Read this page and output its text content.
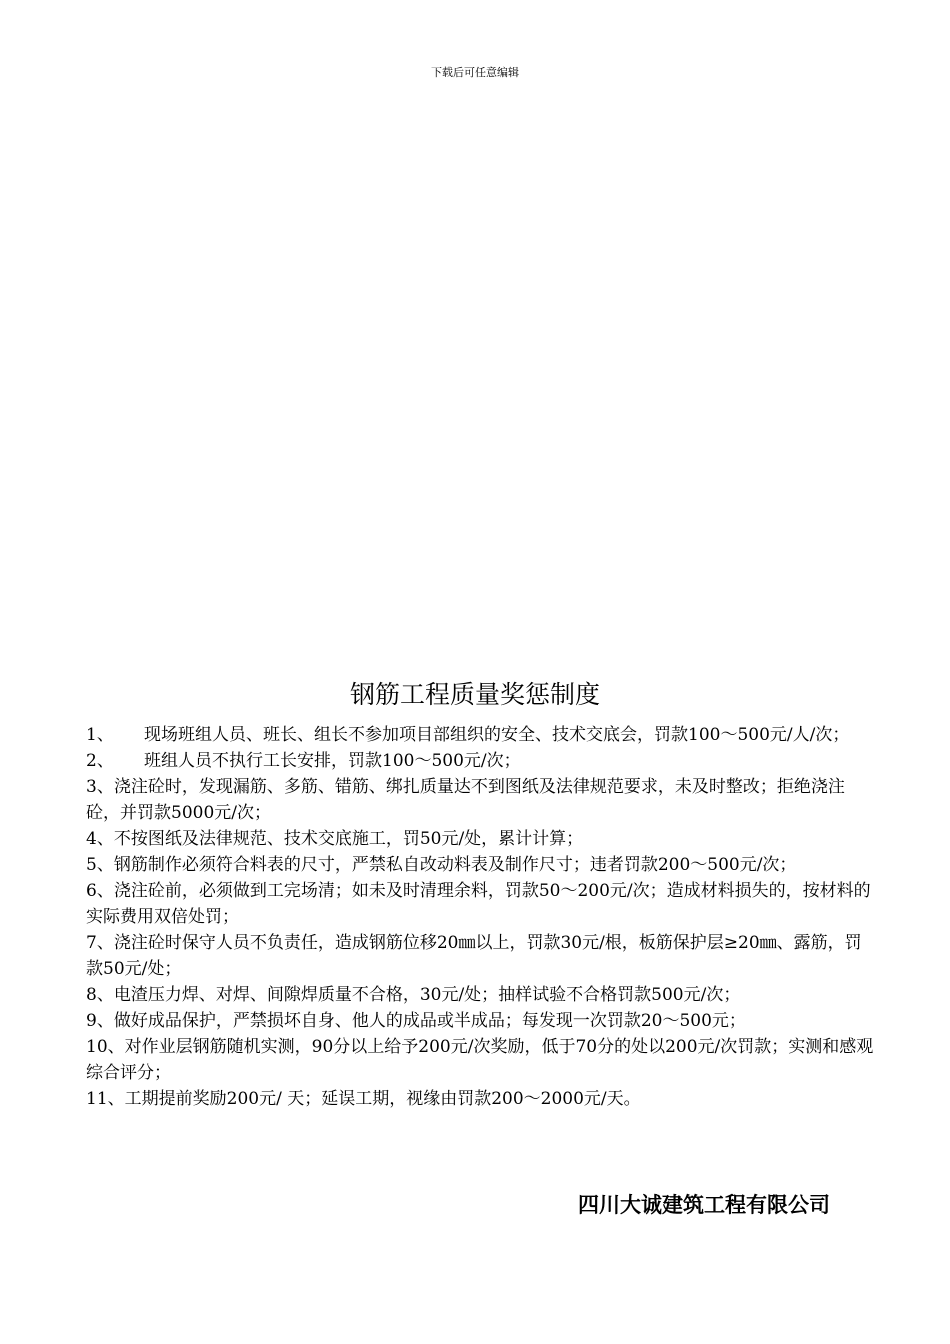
下载后可任意编辑
钢筋工程质量奖惩制度
1、	现场班组人员、班长、组长不参加项目部组织的安全、技术交底会，罚款100～500元/人/次；
2、	班组人员不执行工长安排，罚款100～500元/次；

3、浇注砼时，发现漏筋、多筋、错筋、绑扎质量达不到图纸及法律规范要求，未及时整改；拒绝浇注砼，并罚款5000元/次；

4、不按图纸及法律规范、技术交底施工，罚50元/处，累计计算；

5、钢筋制作必须符合料表的尺寸，严禁私自改动料表及制作尺寸；违者罚款200～500元/次；

6、浇注砼前，必须做到工完场清；如未及时清理余料，罚款50～200元/次；造成材料损失的，按材料的实际费用双倍处罚；

7、浇注砼时保守人员不负责任，造成钢筋位移20㎜以上，罚款30元/根，板筋保护层≥20㎜、露筋，罚款50元/处；

8、电渣压力焊、对焊、间隙焊质量不合格，30元/处；抽样试验不合格罚款500元/次；

9、做好成品保护，严禁损坏自身、他人的成品或半成品；每发现一次罚款20～500元；

10、对作业层钢筋随机实测，90分以上给予200元/次奖励，低于70分的处以200元/次罚款；实测和感观综合评分；

11、工期提前奖励200元/ 天；延误工期，视缘由罚款200～2000元/天。

四川大诚建筑工程有限公司
